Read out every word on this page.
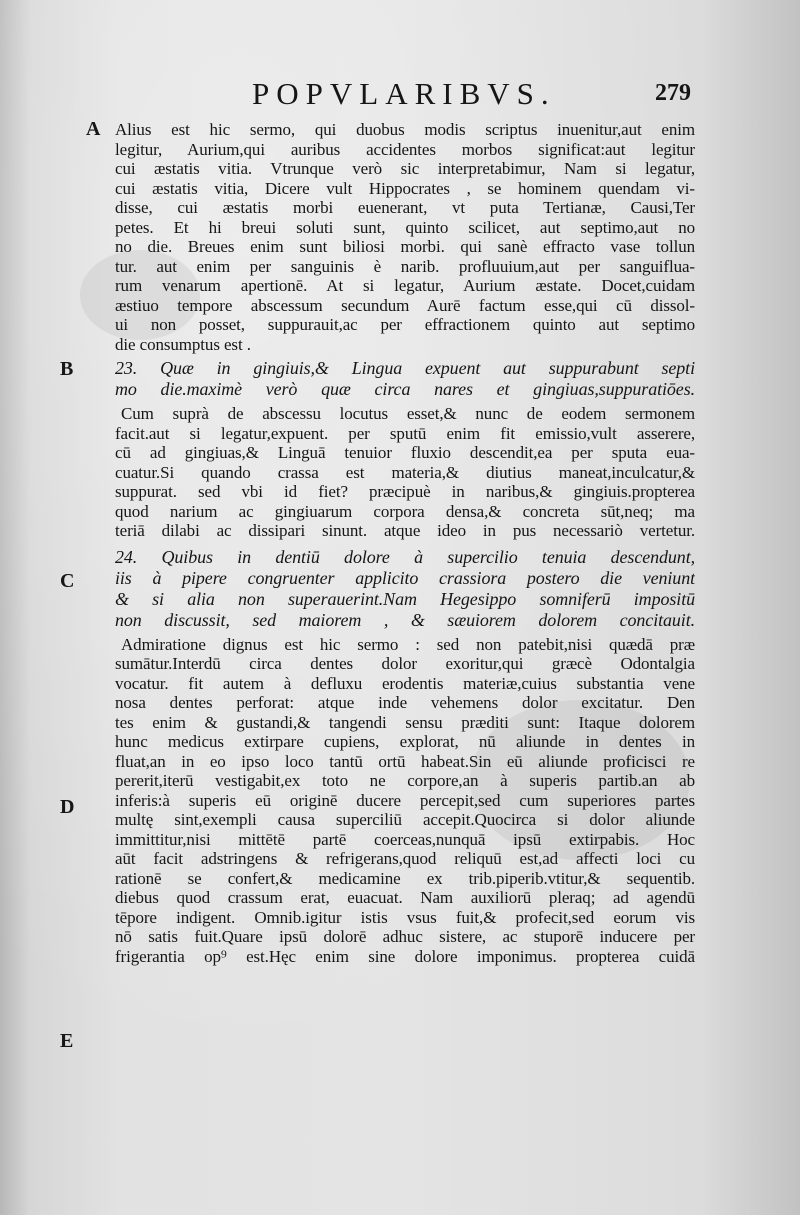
POPVLARIBVS.	279
A
B
C
D
E
Alius est hic sermo, qui duobus modis scriptus inuenitur,aut enim
legitur, Aurium,qui auribus accidentes morbos significat:aut legitur
cui æstatis vitia. Vtrunque verò sic interpretabimur, Nam si legatur,
cui æstatis vitia, Dicere vult Hippocrates , se hominem quendam vi-
disse, cui æstatis morbi euenerant, vt puta Tertianæ, Causi,Ter
petes. Et hi breui soluti sunt, quinto scilicet, aut septimo,aut no
no die. Breues enim sunt biliosi morbi. qui sanè effracto vase tollun
tur. aut enim per sanguinis è narib. profluuium,aut per sanguiflua-
rum venarum apertionē. At si legatur, Aurium æstate. Docet,cuidam
æstiuo tempore abscessum secundum Aurē factum esse,qui cū dissol-
ui non posset, suppurauit,ac per effractionem quinto aut septimo
die consumptus est .
23. Quæ in gingiuis,& Lingua expuent aut suppurabunt septi
mo die.maximè verò quæ circa nares et gingiuas,suppuratiōes.
Cum suprà de abscessu locutus esset,& nunc de eodem sermonem
facit.aut si legatur,expuent. per sputū enim fit emissio,vult asserere,
cū ad gingiuas,& Linguā tenuior fluxio descendit,ea per sputa eua-
cuatur.Si quando crassa est materia,& diutius maneat,inculcatur,&
suppurat. sed vbi id fiet? præcipuè in naribus,& gingiuis.propterea
quod narium ac gingiuarum corpora densa,& concreta sūt,neq; ma
teriā dilabi ac dissipari sinunt. atque ideo in pus necessariò vertetur.
24. Quibus in dentiū dolore à supercilio tenuia descendunt,
iis à pipere congruenter applicito crassiora postero die veniunt
& si alia non superauerint.Nam Hegesippo somniferū impositū
non discussit, sed maiorem , & sæuiorem dolorem concitauit.
Admiratione dignus est hic sermo : sed non patebit,nisi quædā præ
sumātur.Interdū circa dentes dolor exoritur,qui græcè Odontalgia
vocatur. fit autem à defluxu erodentis materiæ,cuius substantia vene
nosa dentes perforat: atque inde vehemens dolor excitatur. Den
tes enim & gustandi,& tangendi sensu præditi sunt: Itaque dolorem
hunc medicus extirpare cupiens, explorat, nū aliunde in dentes in
fluat,an in eo ipso loco tantū ortū habeat.Sin eū aliunde proficisci re
pererit,iterū vestigabit,ex toto ne corpore,an à superis partib.an ab
inferis:à superis eū originē ducere percepit,sed cum superiores partes
multę sint,exempli causa superciliū accepit.Quocirca si dolor aliunde
immittitur,nisi mittētē partē coerceas,nunquā ipsū extirpabis. Hoc
aūt facit adstringens & refrigerans,quod reliquū est,ad affecti loci cu
rationē se confert,& medicamine ex trib.piperib.vtitur,& sequentib.
diebus quod crassum erat, euacuat. Nam auxiliorū pleraq; ad agendū
tēpore indigent. Omnib.igitur istis vsus fuit,& profecit,sed eorum vis
nō satis fuit.Quare ipsū dolorē adhuc sistere, ac stuporē inducere per
frigerantia op⁹ est.Hęc enim sine dolore imponimus. propterea cuidā
